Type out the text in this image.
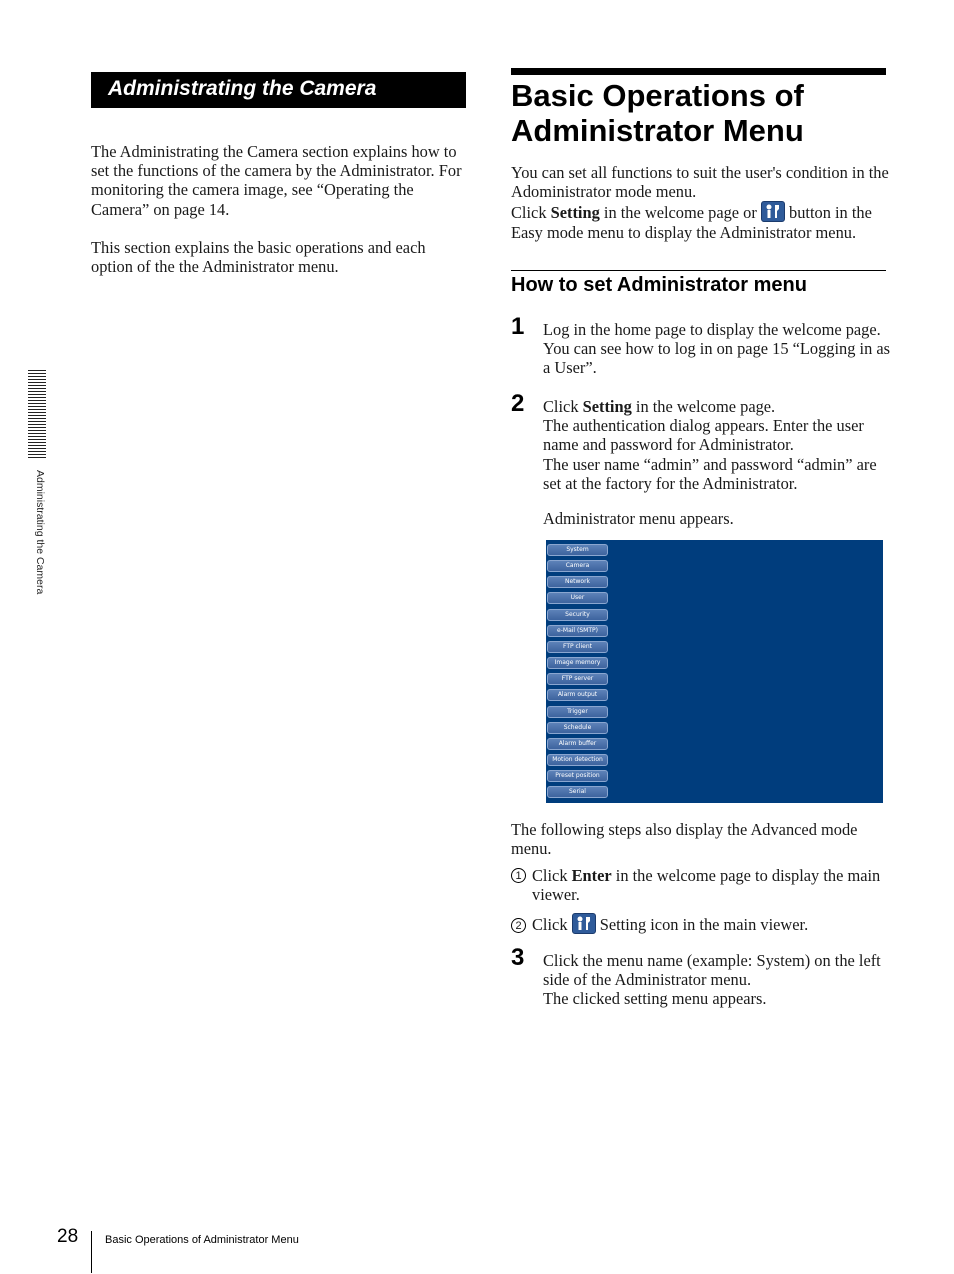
Administrating the Camera
The Administrating the Camera section explains how to set the functions of the camera by the Administrator. For monitoring the camera image, see “Operating the Camera” on page 14.
This section explains the basic operations and each option of the the Administrator menu.
Administrating the Camera
Basic Operations of Administrator Menu
You can set all functions to suit the user's condition in the Adoministrator mode menu.
Click Setting in the welcome page or
button in the Easy mode menu to display the Administrator menu.
How to set Administrator menu
1 Log in the home page to display the welcome page. You can see how to log in on page 15 “Logging in as a User”.
2 Click Setting in the welcome page.
The authentication dialog appears. Enter the user name and password for Administrator.
The user name “admin” and password “admin” are set at the factory for the Administrator.
Administrator menu appears.
System
Camera
Network
User
Security
e-Mail (SMTP)
FTP client
Image memory
FTP server
Alarm output
Trigger
Schedule
Alarm buffer
Motion detection
Preset position
Serial
The following steps also display the Advanced mode menu.
1 Click Enter in the welcome page to display the main viewer.
2 Click
Setting icon in the main viewer.
3 Click the menu name (example: System) on the left side of the Administrator menu.
The clicked setting menu appears.
28 Basic Operations of Administrator Menu
